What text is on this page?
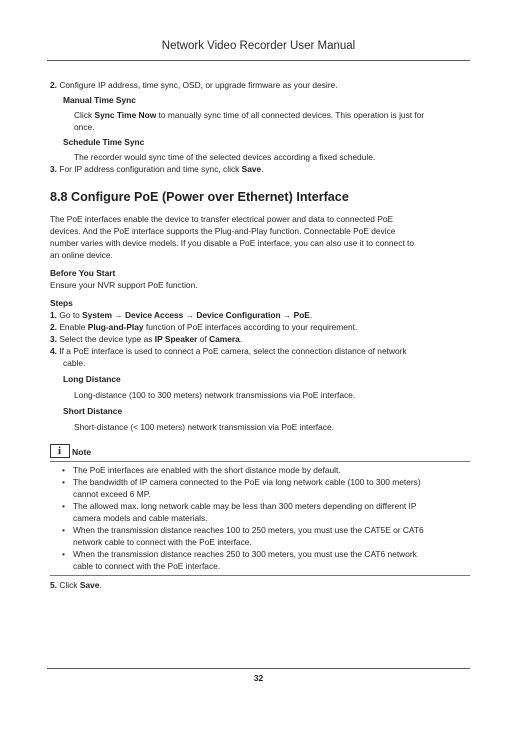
Network Video Recorder User Manual
2. Configure IP address, time sync, OSD, or upgrade firmware as your desire.
Manual Time Sync
Click Sync Time Now to manually sync time of all connected devices. This operation is just for
once.
Schedule Time Sync
The recorder would sync time of the selected devices according a fixed schedule.
3. For IP address configuration and time sync, click Save.
8.8 Configure PoE (Power over Ethernet) Interface
The PoE interfaces enable the device to transfer electrical power and data to connected PoE
devices. And the PoE interface supports the Plug-and-Play function. Connectable PoE device
number varies with device models. If you disable a PoE interface, you can also use it to connect to
an online device.
Before You Start
Ensure your NVR support PoE function.
Steps
1. Go to System → Device Access → Device Configuration → PoE.
2. Enable Plug-and-Play function of PoE interfaces according to your requirement.
3. Select the device type as IP Speaker of Camera.
4. If a PoE interface is used to connect a PoE camera, select the connection distance of network
cable.
Long Distance
Long-distance (100 to 300 meters) network transmissions via PoE interface.
Short Distance
Short-distance (< 100 meters) network transmission via PoE interface.
i Note
• The PoE interfaces are enabled with the short distance mode by default.
• The bandwidth of IP camera connected to the PoE via long network cable (100 to 300 meters)
cannot exceed 6 MP.
• The allowed max. long network cable may be less than 300 meters depending on different IP
camera models and cable materials.
• When the transmission distance reaches 100 to 250 meters, you must use the CAT5E or CAT6
network cable to connect with the PoE interface.
• When the transmission distance reaches 250 to 300 meters, you must use the CAT6 network
cable to connect with the PoE interface.
5. Click Save.
32
